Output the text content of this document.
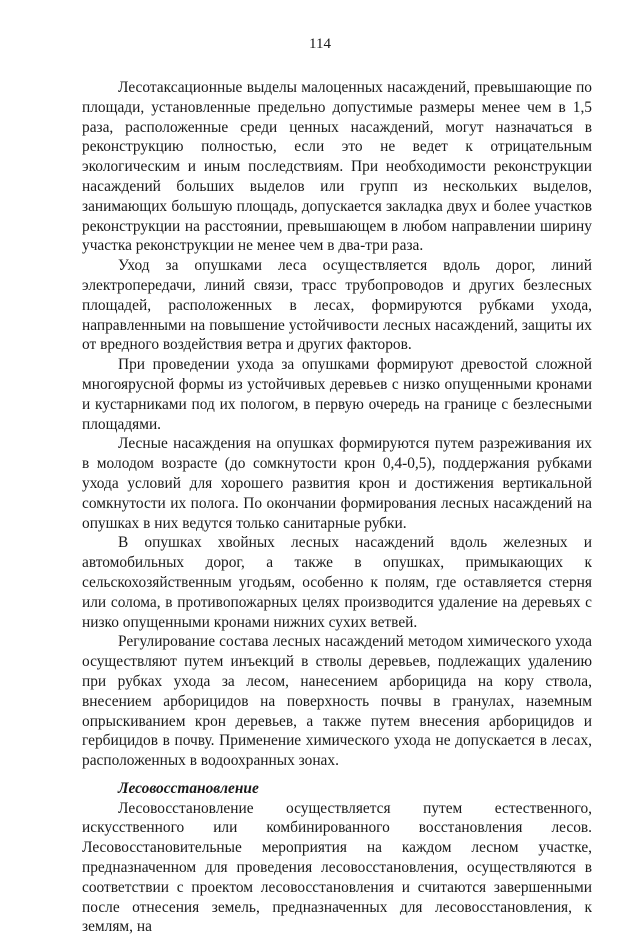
114

Лесотаксационные выделы малоценных насаждений, превышающие по площади, установленные предельно допустимые размеры менее чем в 1,5 раза, расположенные среди ценных насаждений, могут назначаться в реконструкцию полностью, если это не ведет к отрицательным экологическим и иным последствиям. При необходимости реконструкции насаждений больших выделов или групп из нескольких выделов, занимающих большую площадь, допускается закладка двух и более участков реконструкции на расстоянии, превышающем в любом направлении ширину участка реконструкции не менее чем в два-три раза.

Уход за опушками леса осуществляется вдоль дорог, линий электропередачи, линий связи, трасс трубопроводов и других безлесных площадей, расположенных в лесах, формируются рубками ухода, направленными на повышение устойчивости лесных насаждений, защиты их от вредного воздействия ветра и других факторов.

При проведении ухода за опушками формируют древостой сложной многоярусной формы из устойчивых деревьев с низко опущенными кронами и кустарниками под их пологом, в первую очередь на границе с безлесными площадями.

Лесные насаждения на опушках формируются путем разреживания их в молодом возрасте (до сомкнутости крон 0,4-0,5), поддержания рубками ухода условий для хорошего развития крон и достижения вертикальной сомкнутости их полога. По окончании формирования лесных насаждений на опушках в них ведутся только санитарные рубки.

В опушках хвойных лесных насаждений вдоль железных и автомобильных дорог, а также в опушках, примыкающих к сельскохозяйственным угодьям, особенно к полям, где оставляется стерня или солома, в противопожарных целях производится удаление на деревьях с низко опущенными кронами нижних сухих ветвей.

Регулирование состава лесных насаждений методом химического ухода осуществляют путем инъекций в стволы деревьев, подлежащих удалению при рубках ухода за лесом, нанесением арборицида на кору ствола, внесением арборицидов на поверхность почвы в гранулах, наземным опрыскиванием крон деревьев, а также путем внесения арборицидов и гербицидов в почву. Применение химического ухода не допускается в лесах, расположенных в водоохранных зонах.

Лесовосстановление

Лесовосстановление осуществляется путем естественного, искусственного или комбинированного восстановления лесов. Лесовосстановительные мероприятия на каждом лесном участке, предназначенном для проведения лесовосстановления, осуществляются в соответствии с проектом лесовосстановления и считаются завершенными после отнесения земель, предназначенных для лесовосстановления, к землям, на
